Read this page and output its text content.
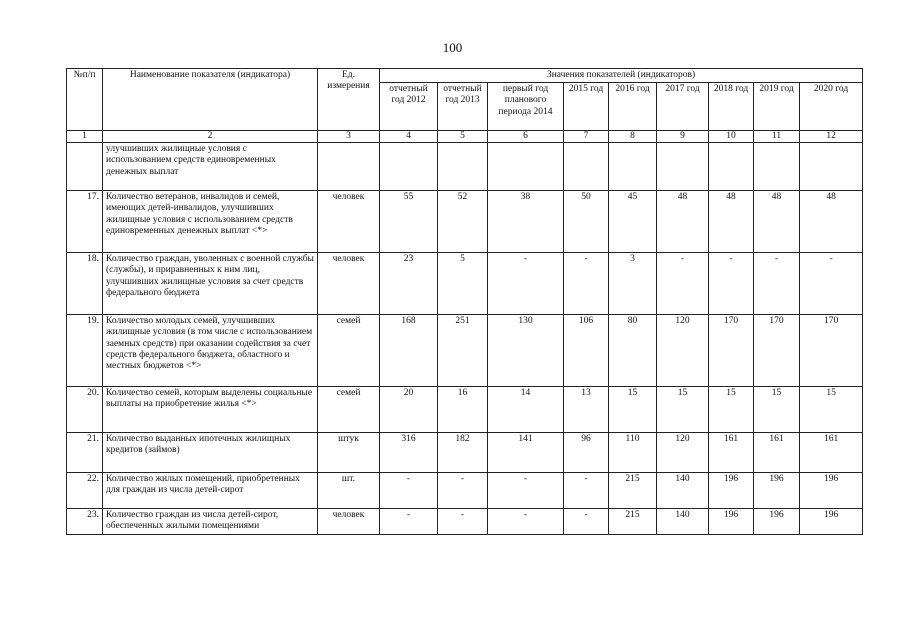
100
№п/п	Наименование показателя (индикатора)	Ед. измерения	Значения показателей (индикаторов)								
			отчетный год 2012	отчетный год 2013	первый год планового периода 2014	2015 год	2016 год	2017 год	2018 год	2019 год	2020 год
1	2	3	4	5	6	7	8	9	10	11	12
	улучшивших жилищные условия с использованием средств единовременных денежных выплат										
17.	Количество ветеранов, инвалидов и семей, имеющих детей-инвалидов, улучшивших жилищные условия с использованием средств единовременных денежных выплат <*>	человек	55	52	38	50	45	48	48	48	48
18.	Количество граждан, уволенных с военной службы (службы), и приравненных к ним лиц, улучшивших жилищные условия за счет средств федерального бюджета	человек	23	5	-	-	3	-	-	-	-
19.	Количество молодых семей, улучшивших жилищные условия (в том числе с использованием заемных средств) при оказании содействия за счет средств федерального бюджета, областного и местных бюджетов <*>	семей	168	251	130	106	80	120	170	170	170
20.	Количество семей, которым выделены социальные выплаты на приобретение жилья <*>	семей	20	16	14	13	15	15	15	15	15
21.	Количество выданных ипотечных жилищных кредитов (займов)	штук	316	182	141	96	110	120	161	161	161
22.	Количество жилых помещений, приобретенных для граждан из числа детей-сирот	шт.	-	-	-	-	215	140	196	196	196
23.	Количество граждан из числа детей-сирот, обеспеченных жилыми помещениями	человек	-	-	-	-	215	140	196	196	196
